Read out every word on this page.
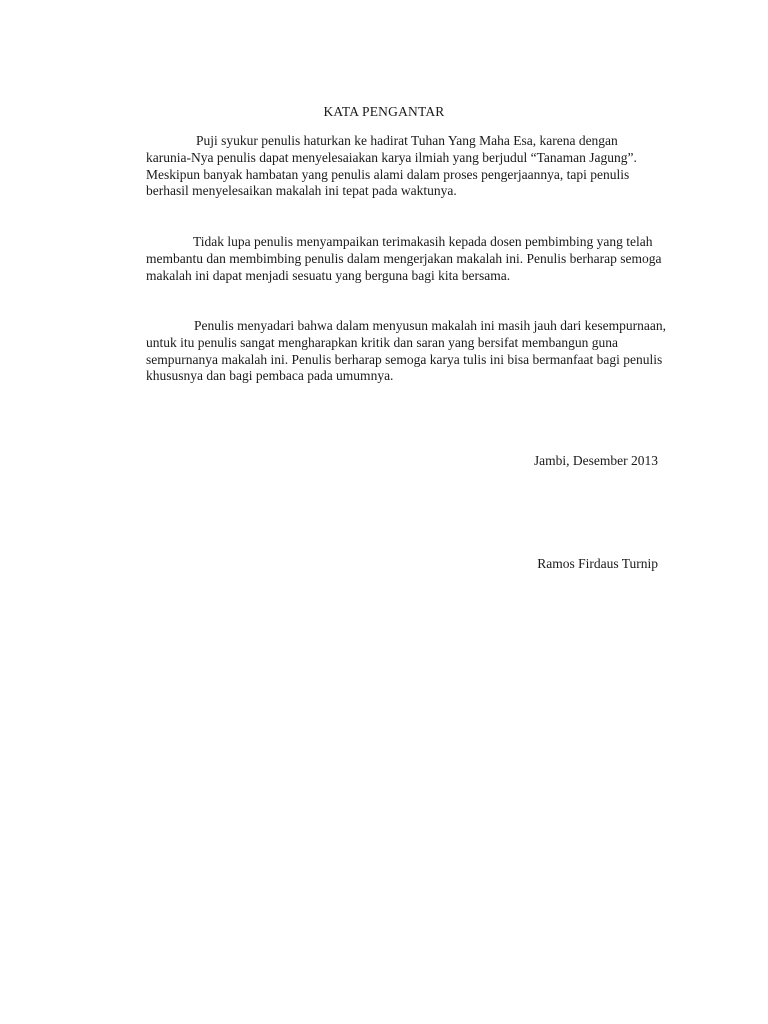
KATA PENGANTAR

Puji syukur penulis haturkan ke hadirat Tuhan Yang Maha Esa, karena dengan karunia-Nya penulis dapat menyelesaiakan karya ilmiah yang berjudul “Tanaman Jagung”. Meskipun banyak hambatan yang penulis alami dalam proses pengerjaannya, tapi penulis berhasil menyelesaikan makalah ini tepat pada waktunya.

Tidak lupa penulis menyampaikan terimakasih kepada dosen pembimbing yang telah membantu dan membimbing penulis dalam mengerjakan makalah ini. Penulis berharap semoga makalah ini dapat menjadi sesuatu yang berguna bagi kita bersama.

Penulis menyadari bahwa dalam menyusun makalah ini masih jauh dari kesempurnaan, untuk itu penulis sangat mengharapkan kritik dan saran yang bersifat membangun guna sempurnanya makalah ini. Penulis berharap semoga karya tulis ini bisa bermanfaat bagi penulis khususnya dan bagi pembaca pada umumnya.

Jambi, Desember 2013
Ramos Firdaus Turnip
